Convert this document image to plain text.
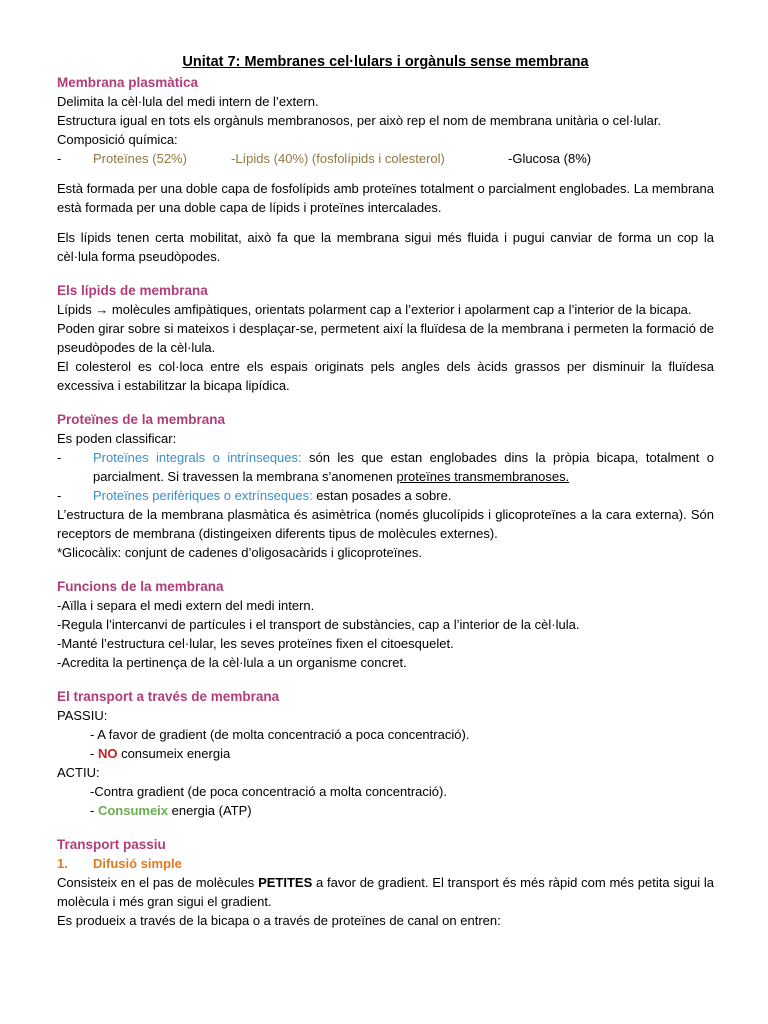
Unitat 7: Membranes cel·lulars i orgànuls sense membrana
Membrana plasmàtica
Delimita la cèl·lula del medi intern de l’extern.
Estructura igual en tots els orgànuls membranosos, per això rep el nom de membrana unitària o cel·lular.
Composició química:
-	Proteïnes (52%)	-Lípids (40%) (fosfolípids i colesterol)	-Glucosa (8%)
Està formada per una doble capa de fosfolípids amb proteïnes totalment o parcialment englobades. La membrana està formada per una doble capa de lípids i proteïnes intercalades.
Els lípids tenen certa mobilitat, això fa que la membrana sigui més fluida i pugui canviar de forma un cop la cèl·lula forma pseudòpodes.
Els lípids de membrana
Lípids → molècules amfipàtiques, orientats polarment cap a l’exterior i apolarment cap a l’interior de la bicapa.
Poden girar sobre si mateixos i desplaçar-se, permetent així la fluïdesa de la membrana i permeten la formació de pseudòpodes de la cèl·lula.
El colesterol es col·loca entre els espais originats pels angles dels àcids grassos per disminuir la fluïdesa excessiva i estabilitzar la bicapa lipídica.
Proteïnes de la membrana
Es poden classificar:
-	Proteïnes integrals o intrínseques: són les que estan englobades dins la pròpia bicapa, totalment o parcialment. Si travessen la membrana s’anomenen proteïnes transmembranoses.
-	Proteïnes perifèriques o extrínseques: estan posades a sobre.
L’estructura de la membrana plasmàtica és asimètrica (només glucolípids i glicoproteïnes a la cara externa). Són receptors de membrana (distingeixen diferents tipus de molècules externes).
*Glicocàlix: conjunt de cadenes d’oligosacàrids i glicoproteïnes.
Funcions de la membrana
-Aïlla i separa el medi extern del medi intern.
-Regula l’intercanvi de partícules i el transport de substàncies, cap a l’interior de la cèl·lula.
-Manté l’estructura cel·lular, les seves proteïnes fixen el citoesquelet.
-Acredita la pertinença de la cèl·lula a un organisme concret.
El transport a través de membrana
PASSIU:
- A favor de gradient (de molta concentració a poca concentració).
- NO consumeix energia
ACTIU:
-Contra gradient (de poca concentració a molta concentració).
- Consumeix energia (ATP)
Transport passiu
1.	Difusió simple
Consisteix en el pas de molècules PETITES a favor de gradient. El transport és més ràpid com més petita sigui la molècula i més gran sigui el gradient.
Es produeix a través de la bicapa o a través de proteïnes de canal on entren:
